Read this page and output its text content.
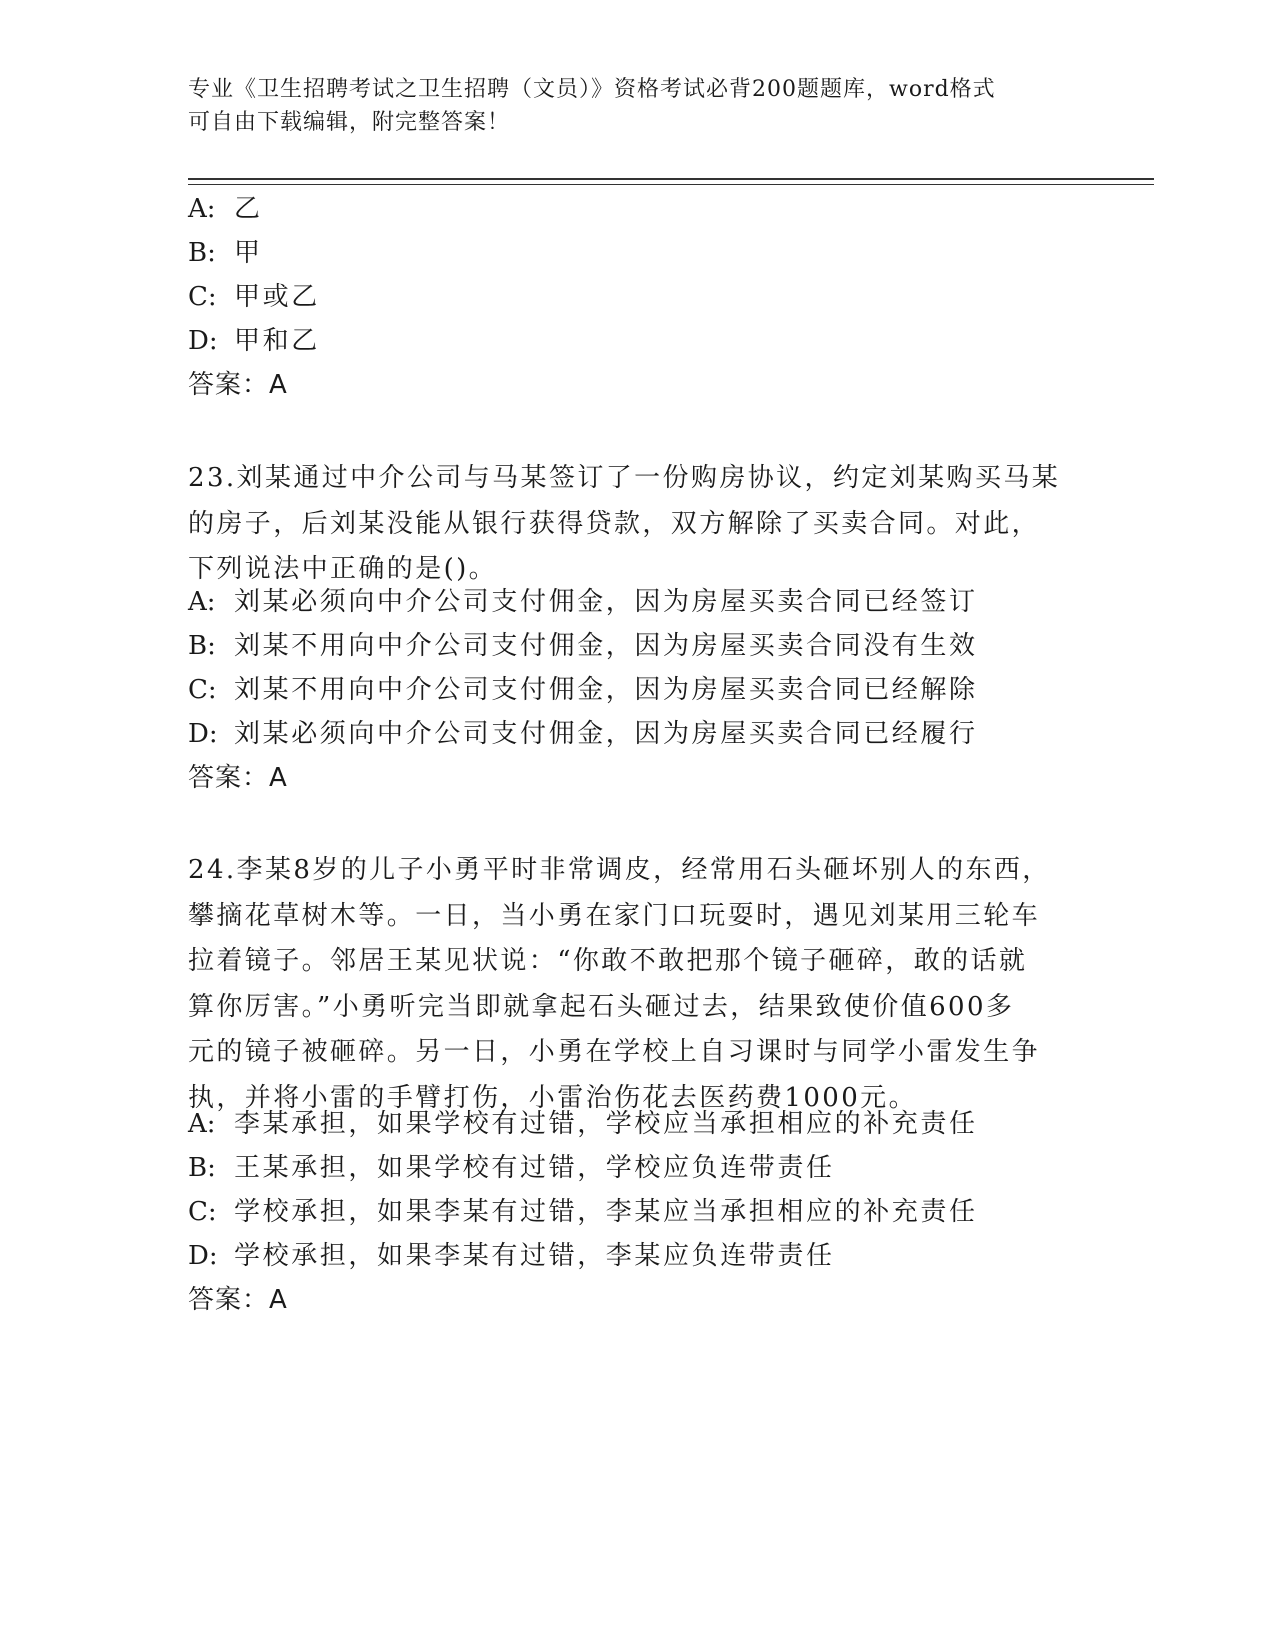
专业《卫生招聘考试之卫生招聘（文员）》资格考试必背200题题库，word格式
可自由下载编辑，附完整答案！
A: 乙
B: 甲
C: 甲或乙
D: 甲和乙
答案：A
23.刘某通过中介公司与马某签订了一份购房协议，约定刘某购买马某
的房子，后刘某没能从银行获得贷款，双方解除了买卖合同。对此，
下列说法中正确的是()。
A: 刘某必须向中介公司支付佣金，因为房屋买卖合同已经签订
B: 刘某不用向中介公司支付佣金，因为房屋买卖合同没有生效
C: 刘某不用向中介公司支付佣金，因为房屋买卖合同已经解除
D: 刘某必须向中介公司支付佣金，因为房屋买卖合同已经履行
答案：A
24.李某8岁的儿子小勇平时非常调皮，经常用石头砸坏别人的东西，
攀摘花草树木等。一日，当小勇在家门口玩耍时，遇见刘某用三轮车
拉着镜子。邻居王某见状说：“你敢不敢把那个镜子砸碎，敢的话就
算你厉害。”小勇听完当即就拿起石头砸过去，结果致使价值600多
元的镜子被砸碎。另一日，小勇在学校上自习课时与同学小雷发生争
执，并将小雷的手臂打伤，小雷治伤花去医药费1000元。
A: 李某承担，如果学校有过错，学校应当承担相应的补充责任
B: 王某承担，如果学校有过错，学校应负连带责任
C: 学校承担，如果李某有过错，李某应当承担相应的补充责任
D: 学校承担，如果李某有过错，李某应负连带责任
答案：A
